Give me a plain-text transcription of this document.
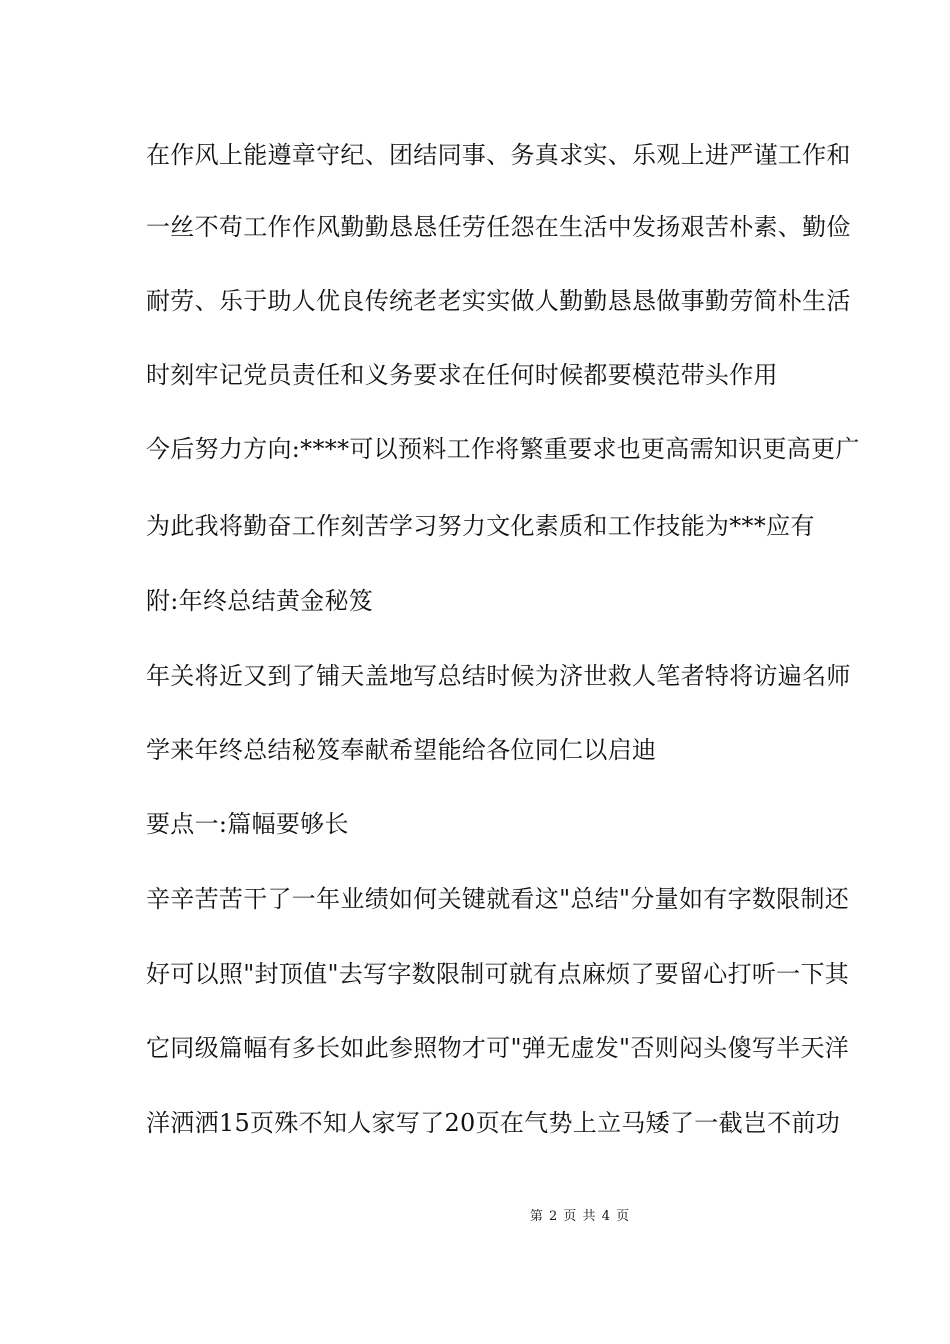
在作风上能遵章守纪、团结同事、务真求实、乐观上进严谨工作和
一丝不苟工作作风勤勤恳恳任劳任怨在生活中发扬艰苦朴素、勤俭
耐劳、乐于助人优良传统老老实实做人勤勤恳恳做事勤劳简朴生活
时刻牢记党员责任和义务要求在任何时候都要模范带头作用
今后努力方向:****可以预料工作将繁重要求也更高需知识更高更广
为此我将勤奋工作刻苦学习努力文化素质和工作技能为***应有
附:年终总结黄金秘笈
年关将近又到了铺天盖地写总结时候为济世救人笔者特将访遍名师
学来年终总结秘笈奉献希望能给各位同仁以启迪
要点一:篇幅要够长
辛辛苦苦干了一年业绩如何关键就看这"总结"分量如有字数限制还
好可以照"封顶值"去写字数限制可就有点麻烦了要留心打听一下其
它同级篇幅有多长如此参照物才可"弹无虚发"否则闷头傻写半天洋
洋洒洒15页殊不知人家写了20页在气势上立马矮了一截岂不前功
第 2 页 共 4 页
